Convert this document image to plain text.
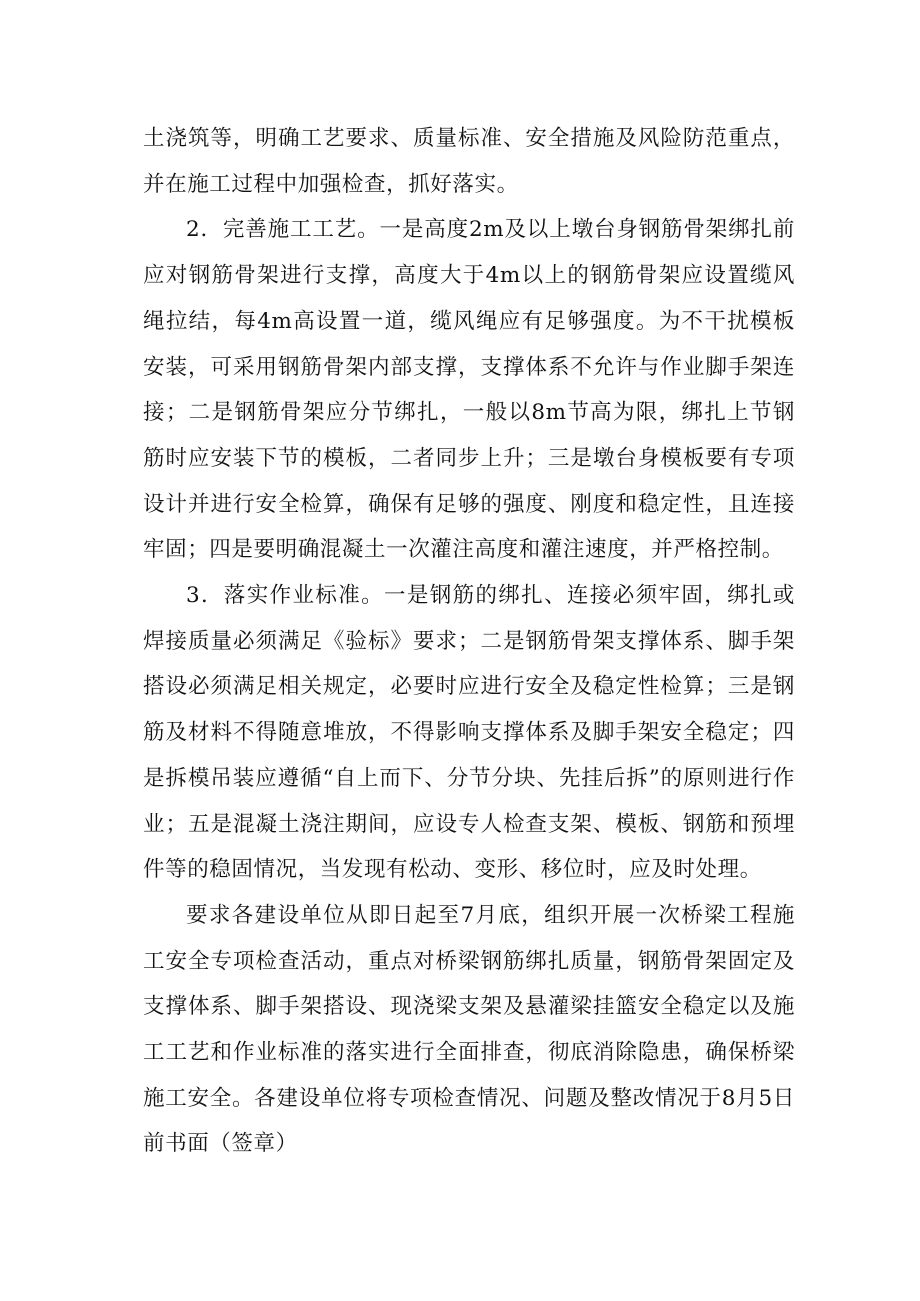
土浇筑等，明确工艺要求、质量标准、安全措施及风险防范重点，并在施工过程中加强检查，抓好落实。

2．完善施工工艺。一是高度2m及以上墩台身钢筋骨架绑扎前应对钢筋骨架进行支撑，高度大于4m以上的钢筋骨架应设置缆风绳拉结，每4m高设置一道，缆风绳应有足够强度。为不干扰模板安装，可采用钢筋骨架内部支撑，支撑体系不允许与作业脚手架连接；二是钢筋骨架应分节绑扎，一般以8m节高为限，绑扎上节钢筋时应安装下节的模板，二者同步上升；三是墩台身模板要有专项设计并进行安全检算，确保有足够的强度、刚度和稳定性，且连接牢固；四是要明确混凝土一次灌注高度和灌注速度，并严格控制。

3．落实作业标准。一是钢筋的绑扎、连接必须牢固，绑扎或焊接质量必须满足《验标》要求；二是钢筋骨架支撑体系、脚手架搭设必须满足相关规定，必要时应进行安全及稳定性检算；三是钢筋及材料不得随意堆放，不得影响支撑体系及脚手架安全稳定；四是拆模吊装应遵循“自上而下、分节分块、先挂后拆”的原则进行作业；五是混凝土浇注期间，应设专人检查支架、模板、钢筋和预埋件等的稳固情况，当发现有松动、变形、移位时，应及时处理。

要求各建设单位从即日起至7月底，组织开展一次桥梁工程施工安全专项检查活动，重点对桥梁钢筋绑扎质量，钢筋骨架固定及支撑体系、脚手架搭设、现浇梁支架及悬灌梁挂篮安全稳定以及施工工艺和作业标准的落实进行全面排查，彻底消除隐患，确保桥梁施工安全。各建设单位将专项检查情况、问题及整改情况于8月5日前书面（签章）
